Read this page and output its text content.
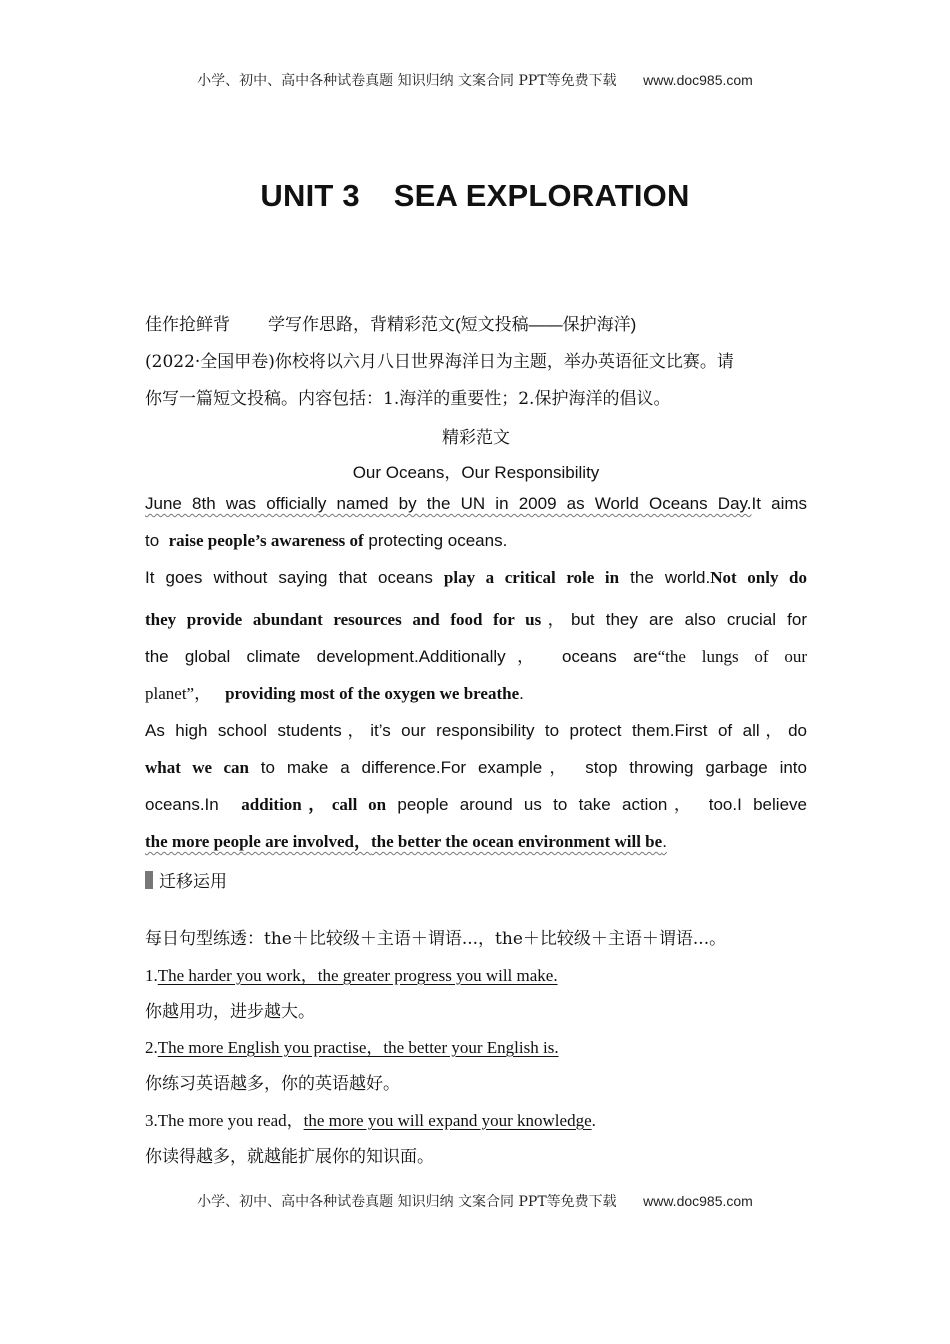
小学、初中、高中各种试卷真题 知识归纳 文案合同 PPT等免费下载 www.doc985.com
UNIT 3 SEA EXPLORATION
佳作抢鲜背 学写作思路，背精彩范文(短文投稿——保护海洋)
(2022·全国甲卷)你校将以六月八日世界海洋日为主题，举办英语征文比赛。请
你写一篇短文投稿。内容包括：1.海洋的重要性；2.保护海洋的倡议。
精彩范文
Our Oceans，Our Responsibility
June 8th was officially named by the UN in 2009 as World Oceans Day.It aims
to  raise people’s awareness of protecting oceans.
It goes without saying that oceans play a critical role in the world.Not only do
they provide abundant resources and food for us，but they are also crucial for
the global climate development.Additionally， oceans are“the lungs of our
planet”， providing most of the oxygen we breathe.
As high school students，it’s our responsibility to protect them.First of all，do
what we can to make a difference.For example， stop throwing garbage into
oceans.In  addition，call on people around us to take action， too.I believe
the more people are involved，the better the ocean environment will be.
迁移运用
每日句型练透：the＋比较级＋主语＋谓语...，the＋比较级＋主语＋谓语...。
1.The harder you work，the greater progress you will make.
你越用功，进步越大。
2.The more English you practise，the better your English is.
你练习英语越多，你的英语越好。
3.The more you read，the more you will expand your knowledge.
你读得越多，就越能扩展你的知识面。
小学、初中、高中各种试卷真题 知识归纳 文案合同 PPT等免费下载 www.doc985.com
